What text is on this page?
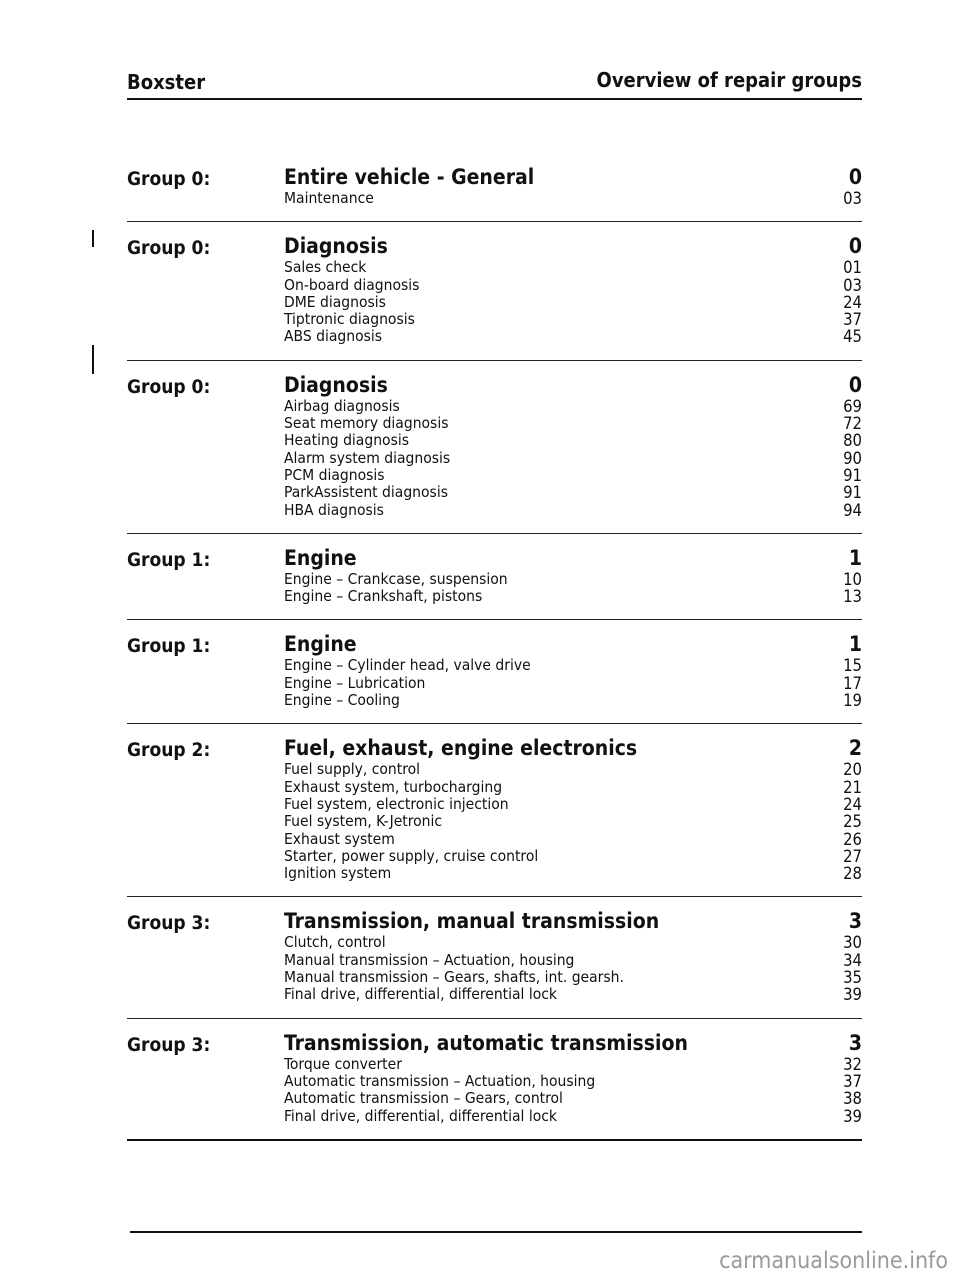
Boxster	Overview of repair groups
Group 0:	Entire vehicle - General	0
Maintenance	03
Group 0:	Diagnosis	0
Sales check	01
On-board diagnosis	03
DME diagnosis	24
Tiptronic diagnosis	37
ABS diagnosis	45
Group 0:	Diagnosis	0
Airbag diagnosis	69
Seat memory diagnosis	72
Heating diagnosis	80
Alarm system diagnosis	90
PCM diagnosis	91
ParkAssistent diagnosis	91
HBA diagnosis	94
Group 1:	Engine	1
Engine – Crankcase, suspension	10
Engine – Crankshaft, pistons	13
Group 1:	Engine	1
Engine – Cylinder head, valve drive	15
Engine – Lubrication	17
Engine – Cooling	19
Group 2:	Fuel, exhaust, engine electronics	2
Fuel supply, control	20
Exhaust system, turbocharging	21
Fuel system, electronic injection	24
Fuel system, K-Jetronic	25
Exhaust system	26
Starter, power supply, cruise control	27
Ignition system	28
Group 3:	Transmission, manual transmission	3
Clutch, control	30
Manual transmission – Actuation, housing	34
Manual transmission – Gears, shafts, int. gearsh.	35
Final drive, differential, differential lock	39
Group 3:	Transmission, automatic transmission	3
Torque converter	32
Automatic transmission – Actuation, housing	37
Automatic transmission – Gears, control	38
Final drive, differential, differential lock	39
carmanualsonline.info
